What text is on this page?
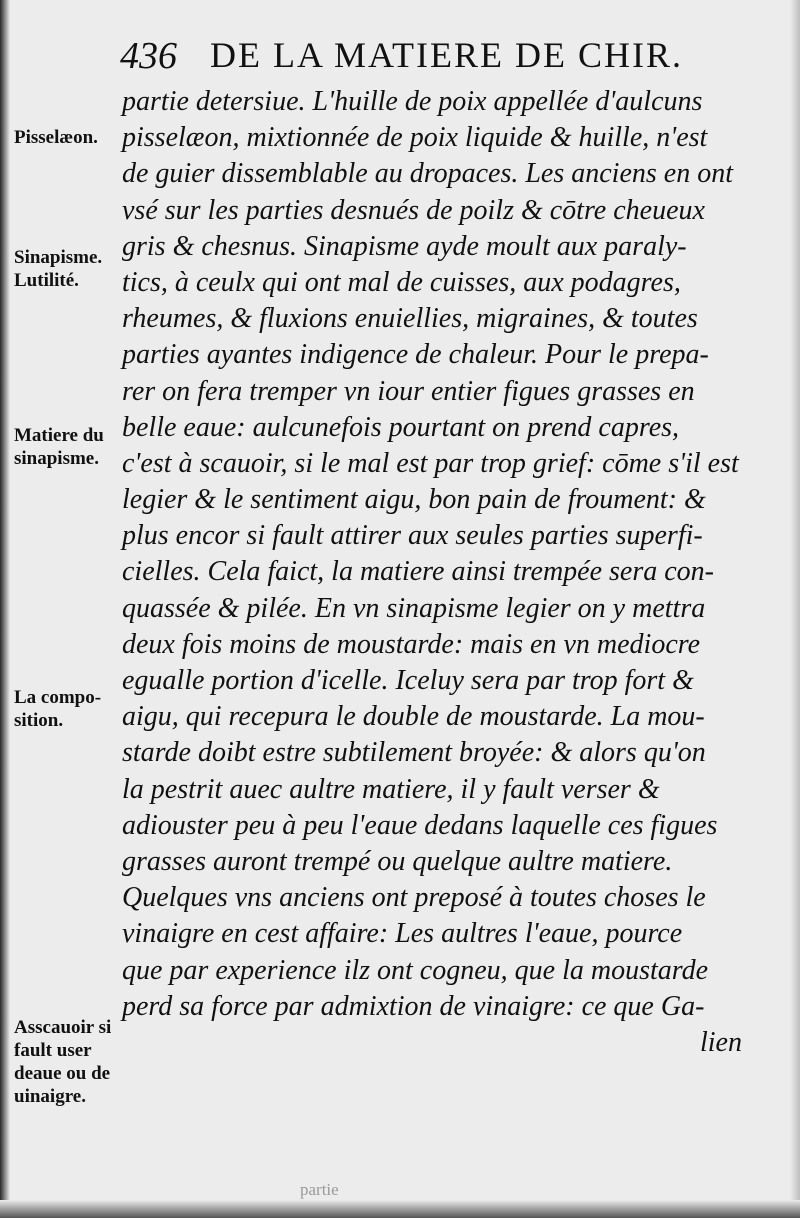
436 DE LA MATIERE DE CHIR.
partie detersiue. L'huille de poix appellée d'aulcuns
pisselæon, mixtionnée de poix liquide & huille, n'est
de guier dissemblable au dropaces. Les anciens en ont
vsé sur les parties desnués de poilz & cōtre cheueux
gris & chesnus. Sinapisme ayde moult aux paraly-
tics, à ceulx qui ont mal de cuisses, aux podagres,
rheumes, & fluxions enuiellies, migraines, & toutes
parties ayantes indigence de chaleur. Pour le prepa-
rer on fera tremper vn iour entier figues grasses en
belle eaue: aulcunefois pourtant on prend capres,
c'est à scauoir, si le mal est par trop grief: cōme s'il est
legier & le sentiment aigu, bon pain de froument: &
plus encor si fault attirer aux seules parties superfi-
cielles. Cela faict, la matiere ainsi trempée sera con-
quassée & pilée. En vn sinapisme legier on y mettra
deux fois moins de moustarde: mais en vn mediocre
egualle portion d'icelle. Iceluy sera par trop fort &
aigu, qui recepura le double de moustarde. La mou-
starde doibt estre subtilement broyée: & alors qu'on
la pestrit auec aultre matiere, il y fault verser &
adiouster peu à peu l'eaue dedans laquelle ces figues
grasses auront trempé ou quelque aultre matiere.
Quelques vns anciens ont preposé à toutes choses le
vinaigre en cest affaire: Les aultres l'eaue, pource
que par experience ilz ont cogneu, que la moustarde
perd sa force par admixtion de vinaigre: ce que Ga-
lien
Pisselæon.
Sinapisme.
Lutilité.
Matiere du
sinapisme.
La compo-
sition.
Asscauoir si
fault user
deaue ou de
uinaigre.
partie
